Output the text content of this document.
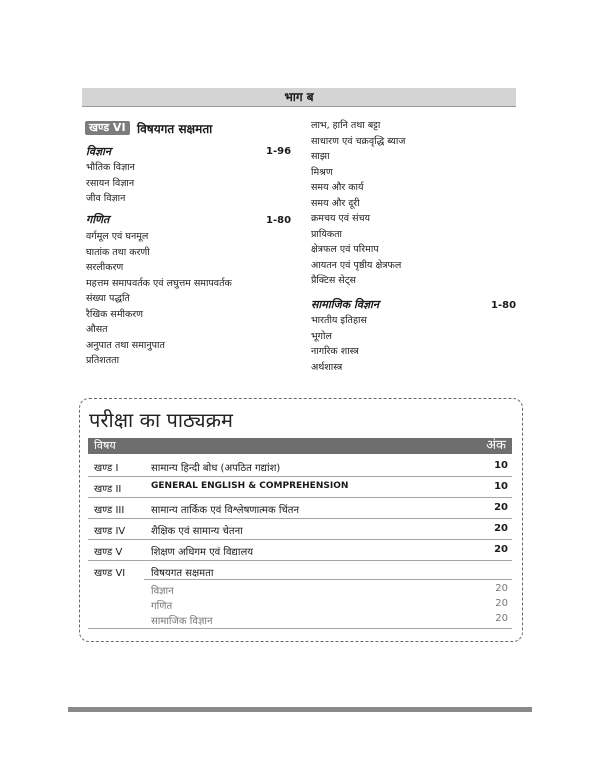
भाग ब
खण्ड VI विषयगत सक्षमता
विज्ञान	1-96
भौतिक विज्ञान
रसायन विज्ञान
जीव विज्ञान
गणित	1-80
वर्गमूल एवं घनमूल
घातांक तथा करणी
सरलीकरण
महत्तम समापवर्तक एवं लघुत्तम समापवर्तक
संख्या पद्धति
रैखिक समीकरण
औसत
अनुपात तथा समानुपात
प्रतिशतता
लाभ, हानि तथा बट्टा
साधारण एवं चक्रवृद्धि ब्याज
साझा
मिश्रण
समय और कार्य
समय और दूरी
क्रमचय एवं संचय
प्रायिकता
क्षेत्रफल एवं परिमाप
आयतन एवं पृष्ठीय क्षेत्रफल
प्रैक्टिस सेट्स
सामाजिक विज्ञान	1-80
भारतीय इतिहास
भूगोल
नागरिक शास्त्र
अर्थशास्त्र
परीक्षा का पाठ्यक्रम
विषय	अंक
खण्ड I	सामान्य हिन्दी बोध (अपठित गद्यांश)	10
खण्ड II	GENERAL ENGLISH & COMPREHENSION	10
खण्ड III	सामान्य तार्किक एवं विश्लेषणात्मक चिंतन	20
खण्ड IV	शैक्षिक एवं सामान्य चेतना	20
खण्ड V	शिक्षण अधिगम एवं विद्यालय	20
खण्ड VI	विषयगत सक्षमता
विज्ञान	20
गणित	20
सामाजिक विज्ञान	20
